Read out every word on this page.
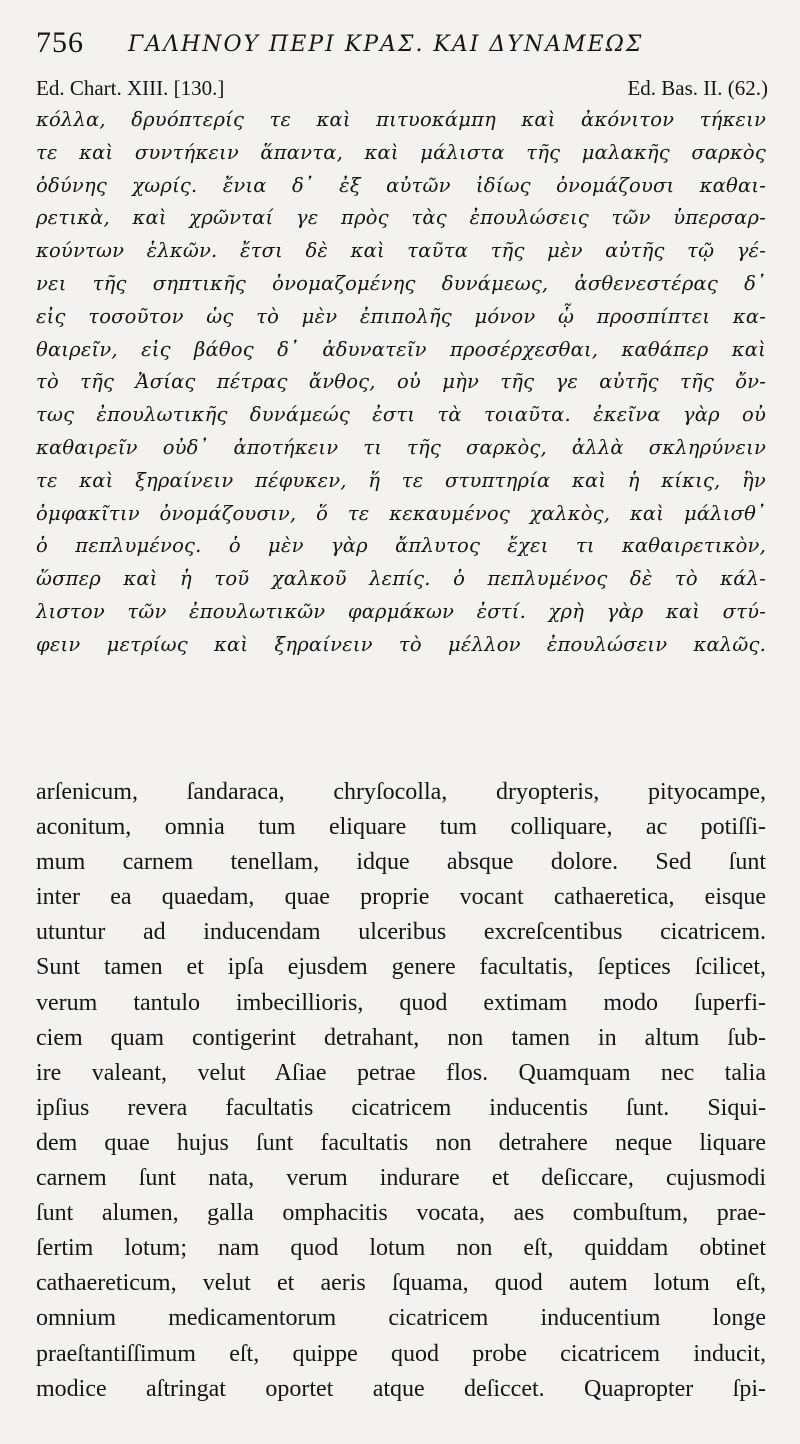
756 ΓΑΛΗΝΟΥ ΠΕΡΙ ΚΡΑΣ. ΚΑΙ ΔΥΝΑΜΕΩΣ
Ed. Chart. XIII. [130.]	Ed. Bas. II. (62.)
κόλλα, δρυόπτερίς τε καὶ πιτυοκάμπη καὶ ἀκόνιτον τήκειν
τε καὶ συντήκειν ἅπαντα, καὶ μάλιστα τῆς μαλακῆς σαρκὸς
ὀδύνης χωρίς. ἔνια δ᾽ ἐξ αὐτῶν ἰδίως ὀνομάζουσι καθαι-
ρετικὰ, καὶ χρῶνταί γε πρὸς τὰς ἐπουλώσεις τῶν ὑπερσαρ-
κούντων ἑλκῶν. ἔτσι δὲ καὶ ταῦτα τῆς μὲν αὐτῆς τῷ γέ-
νει τῆς σηπτικῆς ὀνομαζομένης δυνάμεως, ἀσθενεστέρας δ᾽
εἰς τοσοῦτον ὡς τὸ μὲν ἐπιπολῆς μόνον ᾧ προσπίπτει κα-
θαιρεῖν, εἰς βάθος δ᾽ ἀδυνατεῖν προσέρχεσθαι, καθάπερ καὶ
τὸ τῆς Ἀσίας πέτρας ἄνθος, οὐ μὴν τῆς γε αὐτῆς τῆς ὄν-
τως ἐπουλωτικῆς δυνάμεώς ἐστι τὰ τοιαῦτα. ἐκεῖνα γὰρ οὐ
καθαιρεῖν οὐδ᾽ ἀποτήκειν τι τῆς σαρκὸς, ἀλλὰ σκληρύνειν
τε καὶ ξηραίνειν πέφυκεν, ἥ τε στυπτηρία καὶ ἡ κίκις, ἣν
ὀμφακῖτιν ὀνομάζουσιν, ὅ τε κεκαυμένος χαλκὸς, καὶ μάλισθ᾽
ὁ πεπλυμένος. ὁ μὲν γὰρ ἄπλυτος ἔχει τι καθαιρετικὸν,
ὥσπερ καὶ ἡ τοῦ χαλκοῦ λεπίς. ὁ πεπλυμένος δὲ τὸ κάλ-
λιστον τῶν ἐπουλωτικῶν φαρμάκων ἐστί. χρὴ γὰρ καὶ στύ-
φειν μετρίως καὶ ξηραίνειν τὸ μέλλον ἐπουλώσειν καλῶς.
arſenicum, ſandaraca, chryſocolla, dryopteris, pityocampe,
aconitum, omnia tum eliquare tum colliquare, ac potiſſi-
mum carnem tenellam, idque absque dolore. Sed ſunt
inter ea quaedam, quae proprie vocant cathaeretica, eisque
utuntur ad inducendam ulceribus excreſcentibus cicatricem.
Sunt tamen et ipſa ejusdem genere facultatis, ſeptices ſcilicet,
verum tantulo imbecillioris, quod extimam modo ſuperfi-
ciem quam contigerint detrahant, non tamen in altum ſub-
ire valeant, velut Aſiae petrae flos. Quamquam nec talia
ipſius revera facultatis cicatricem inducentis ſunt. Siqui-
dem quae hujus ſunt facultatis non detrahere neque liquare
carnem ſunt nata, verum indurare et deſiccare, cujusmodi
ſunt alumen, galla omphacitis vocata, aes combuſtum, prae-
ſertim lotum; nam quod lotum non eſt, quiddam obtinet
cathaereticum, velut et aeris ſquama, quod autem lotum eſt,
omnium medicamentorum cicatricem inducentium longe
praeſtantiſſimum eſt, quippe quod probe cicatricem inducit,
modice aſtringat oportet atque deſiccet. Quapropter ſpi-
